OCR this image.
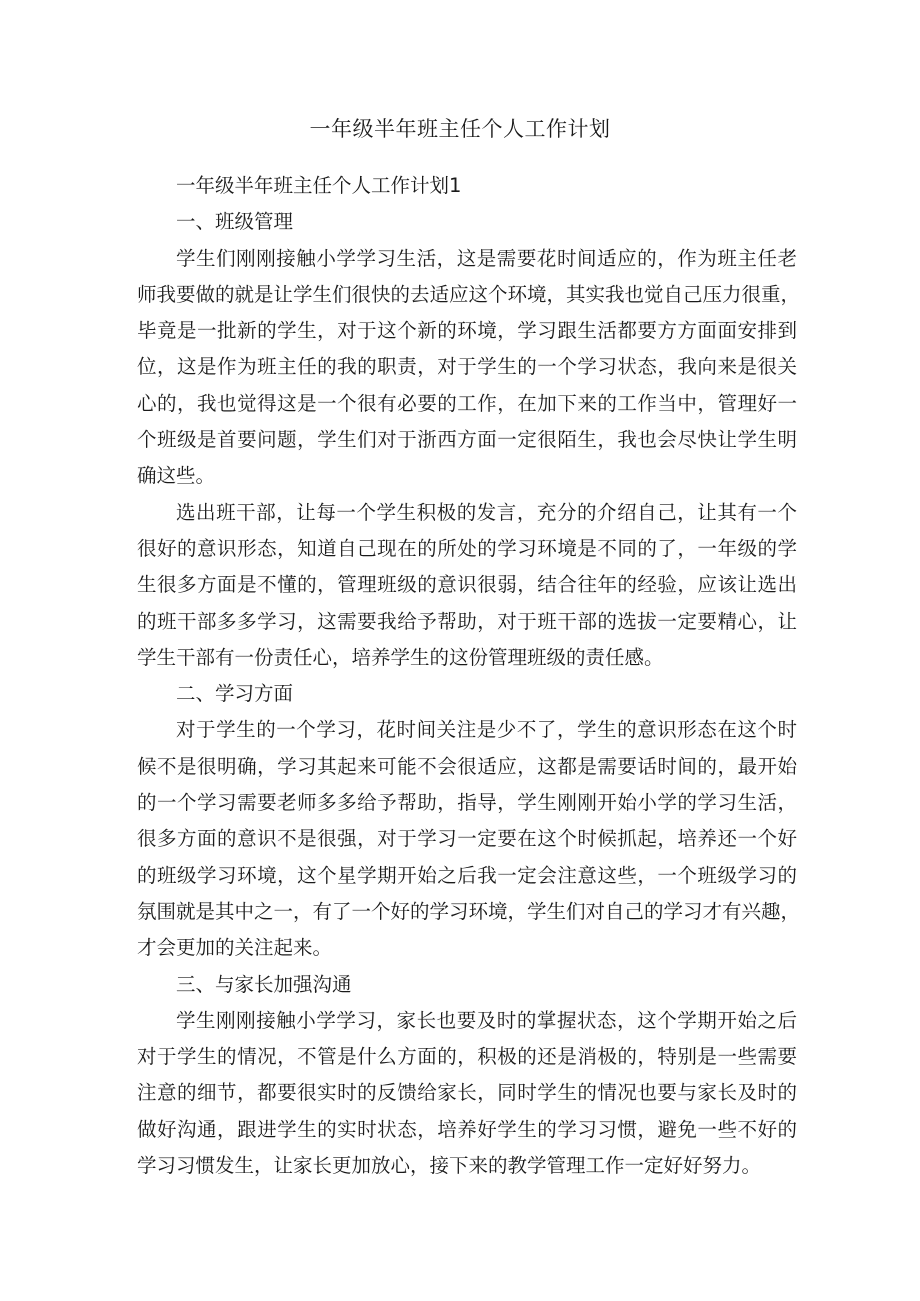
一年级半年班主任个人工作计划
一年级半年班主任个人工作计划1
一、班级管理
学生们刚刚接触小学学习生活，这是需要花时间适应的，作为班主任老
师我要做的就是让学生们很快的去适应这个环境，其实我也觉自己压力很重，
毕竟是一批新的学生，对于这个新的环境，学习跟生活都要方方面面安排到
位，这是作为班主任的我的职责，对于学生的一个学习状态，我向来是很关
心的，我也觉得这是一个很有必要的工作，在加下来的工作当中，管理好一
个班级是首要问题，学生们对于浙西方面一定很陌生，我也会尽快让学生明
确这些。
选出班干部，让每一个学生积极的发言，充分的介绍自己，让其有一个
很好的意识形态，知道自己现在的所处的学习环境是不同的了，一年级的学
生很多方面是不懂的，管理班级的意识很弱，结合往年的经验，应该让选出
的班干部多多学习，这需要我给予帮助，对于班干部的选拔一定要精心，让
学生干部有一份责任心，培养学生的这份管理班级的责任感。
二、学习方面
对于学生的一个学习，花时间关注是少不了，学生的意识形态在这个时
候不是很明确，学习其起来可能不会很适应，这都是需要话时间的，最开始
的一个学习需要老师多多给予帮助，指导，学生刚刚开始小学的学习生活，
很多方面的意识不是很强，对于学习一定要在这个时候抓起，培养还一个好
的班级学习环境，这个星学期开始之后我一定会注意这些，一个班级学习的
氛围就是其中之一，有了一个好的学习环境，学生们对自己的学习才有兴趣，
才会更加的关注起来。
三、与家长加强沟通
学生刚刚接触小学学习，家长也要及时的掌握状态，这个学期开始之后
对于学生的情况，不管是什么方面的，积极的还是消极的，特别是一些需要
注意的细节，都要很实时的反馈给家长，同时学生的情况也要与家长及时的
做好沟通，跟进学生的实时状态，培养好学生的学习习惯，避免一些不好的
学习习惯发生，让家长更加放心，接下来的教学管理工作一定好好努力。
